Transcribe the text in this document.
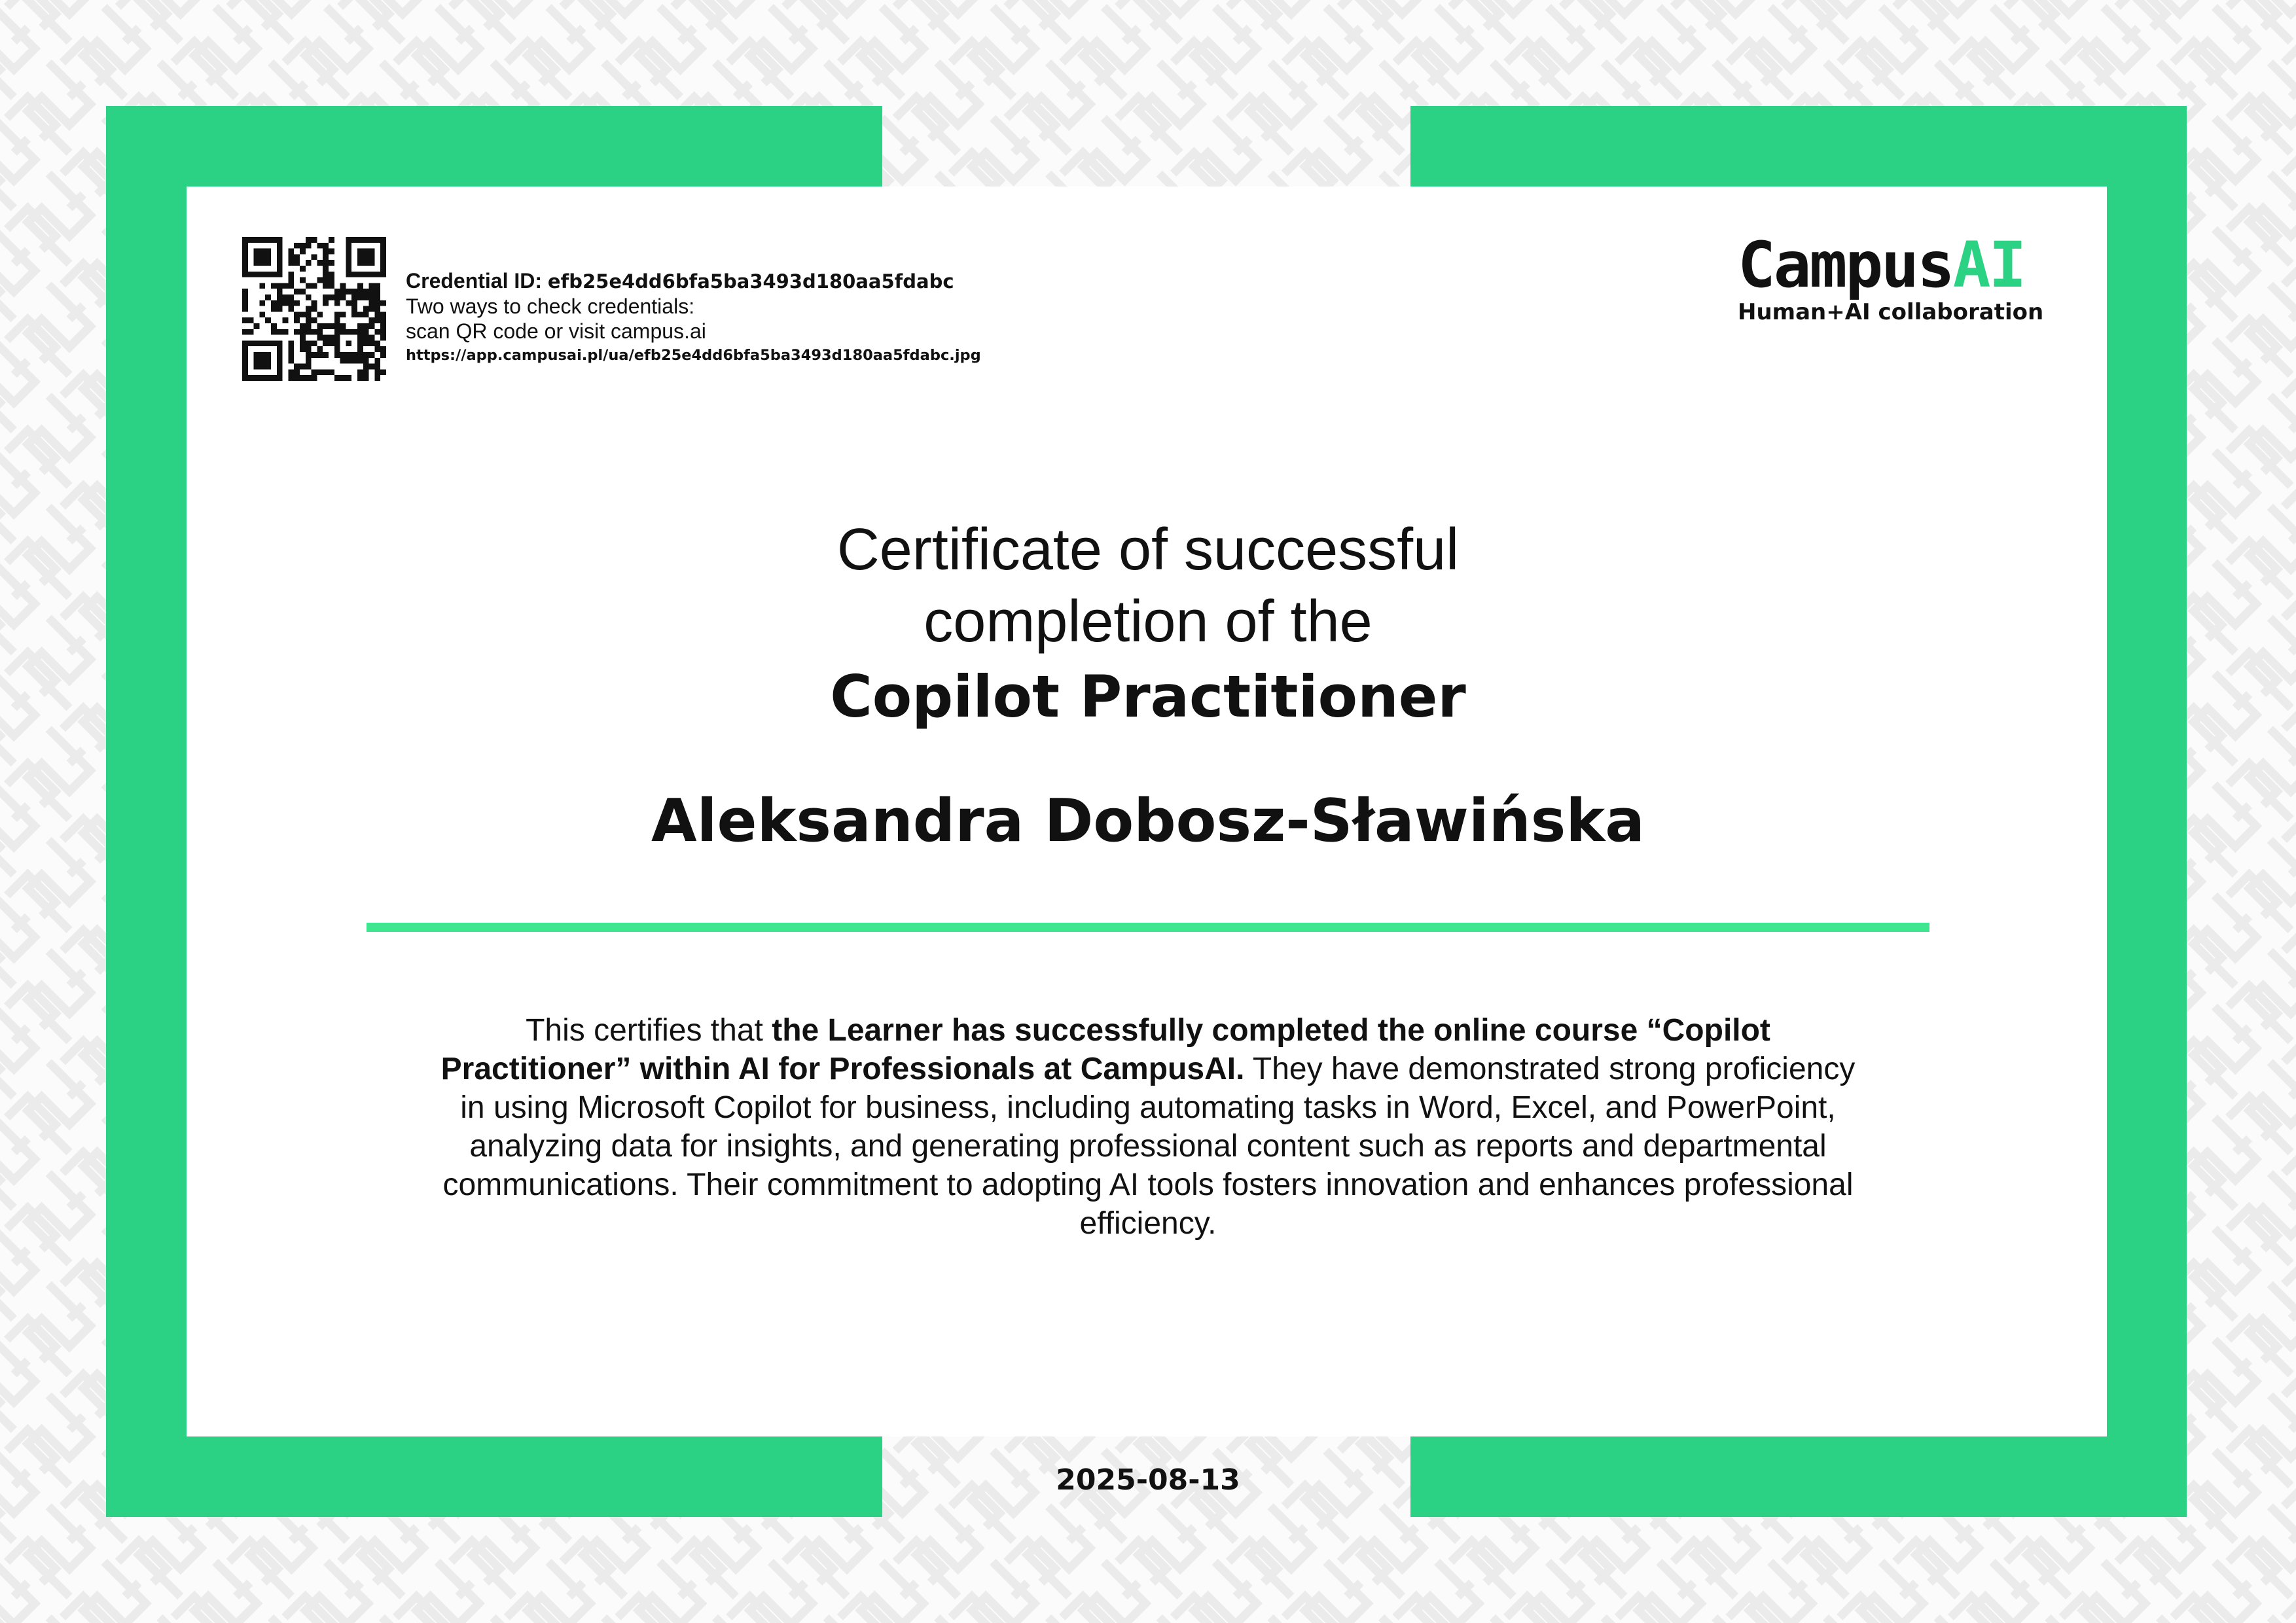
Credential ID: efb25e4dd6bfa5ba3493d180aa5fdabc
Two ways to check credentials:
scan QR code or visit campus.ai
https://app.campusai.pl/ua/efb25e4dd6bfa5ba3493d180aa5fdabc.jpg
CampusAI
Human+AI collaboration
Certificate of successful
completion of the
Copilot Practitioner
Aleksandra Dobosz-Sławińska
This certifies that the Learner has successfully completed the online course “Copilot Practitioner” within AI for Professionals at CampusAI. They have demonstrated strong proficiency in using Microsoft Copilot for business, including automating tasks in Word, Excel, and PowerPoint, analyzing data for insights, and generating professional content such as reports and departmental communications. Their commitment to adopting AI tools fosters innovation and enhances professional efficiency.
2025-08-13
